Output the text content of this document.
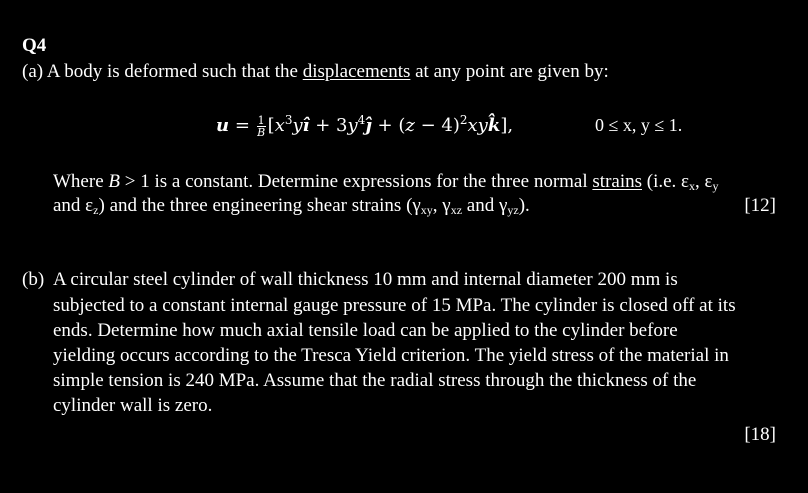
Q4
(a) A body is deformed such that the displacements at any point are given by:
$u = \frac{1}{B}$ [$x^3yî$ + $3y^4ĵ + (z$ − $4)^2xyk̂$],	0 ≤ x, y ≤ 1.
Where B > 1 is a constant. Determine expressions for the three normal strains (i.e. $\varepsilon_x$, $\varepsilon_y$
and $\varepsilon_z$) and the three engineering shear strains ($\gamma_{xy}$, $\gamma_{xz}$ and $\gamma_{yz}$).	[12]
(b) A circular steel cylinder of wall thickness 10 mm and internal diameter 200 mm is
subjected to a constant internal gauge pressure of 15 MPa. The cylinder is closed off at its
ends. Determine how much axial tensile load can be applied to the cylinder before
yielding occurs according to the Tresca Yield criterion. The yield stress of the material in
simple tension is 240 MPa. Assume that the radial stress through the thickness of the
cylinder wall is zero.
[18]
